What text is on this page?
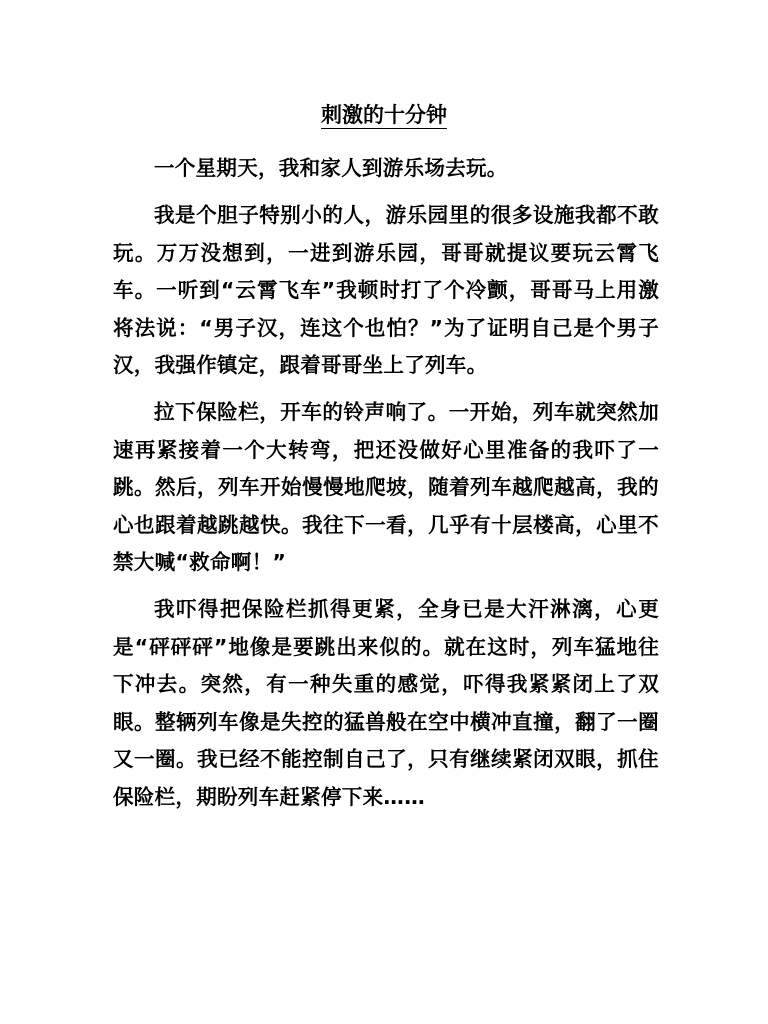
刺激的十分钟

一个星期天，我和家人到游乐场去玩。

我是个胆子特别小的人，游乐园里的很多设施我都不敢玩。万万没想到，一进到游乐园，哥哥就提议要玩云霄飞车。一听到“云霄飞车”我顿时打了个冷颤，哥哥马上用激将法说：“男子汉，连这个也怕？”为了证明自己是个男子汉，我强作镇定，跟着哥哥坐上了列车。

拉下保险栏，开车的铃声响了。一开始，列车就突然加速再紧接着一个大转弯，把还没做好心里准备的我吓了一跳。然后，列车开始慢慢地爬坡，随着列车越爬越高，我的心也跟着越跳越快。我往下一看，几乎有十层楼高，心里不禁大喊“救命啊！”

我吓得把保险栏抓得更紧，全身已是大汗淋漓，心更是“砰砰砰”地像是要跳出来似的。就在这时，列车猛地往下冲去。突然，有一种失重的感觉，吓得我紧紧闭上了双眼。整辆列车像是失控的猛兽般在空中横冲直撞，翻了一圈又一圈。我已经不能控制自己了，只有继续紧闭双眼，抓住保险栏，期盼列车赶紧停下来……
